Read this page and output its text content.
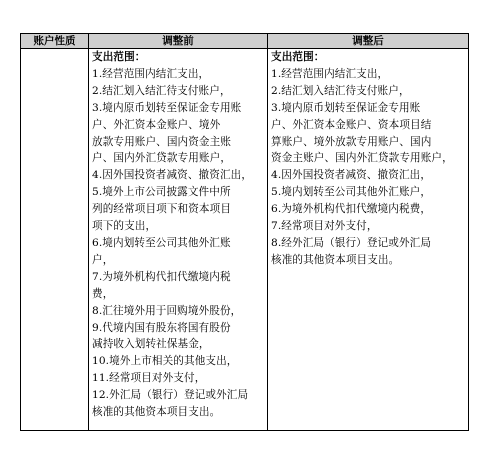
账户性质	调整前	调整后
支出范围：
1.经营范围内结汇支出，
2.结汇划入结汇待支付账户，
3.境内原币划转至保证金专用账
户、外汇资本金账户、境外
放款专用账户、国内资金主账
户、国内外汇贷款专用账户，
4.因外国投资者减资、撤资汇出，
5.境外上市公司披露文件中所
列的经常项目项下和资本项目
项下的支出，
6.境内划转至公司其他外汇账
户，
7.为境外机构代扣代缴境内税
费，
8.汇往境外用于回购境外股份，
9.代境内国有股东将国有股份
减持收入划转社保基金，
10.境外上市相关的其他支出，
11.经常项目对外支付，
12.外汇局（银行）登记或外汇局
核准的其他资本项目支出。
支出范围：
1.经营范围内结汇支出，
2.结汇划入结汇待支付账户，
3.境内原币划转至保证金专用账
户、外汇资本金账户、资本项目结
算账户、境外放款专用账户、国内
资金主账户、国内外汇贷款专用账户，
4.因外国投资者减资、撤资汇出，
5.境内划转至公司其他外汇账户，
6.为境外机构代扣代缴境内税费，
7.经常项目对外支付，
8.经外汇局（银行）登记或外汇局
核准的其他资本项目支出。
